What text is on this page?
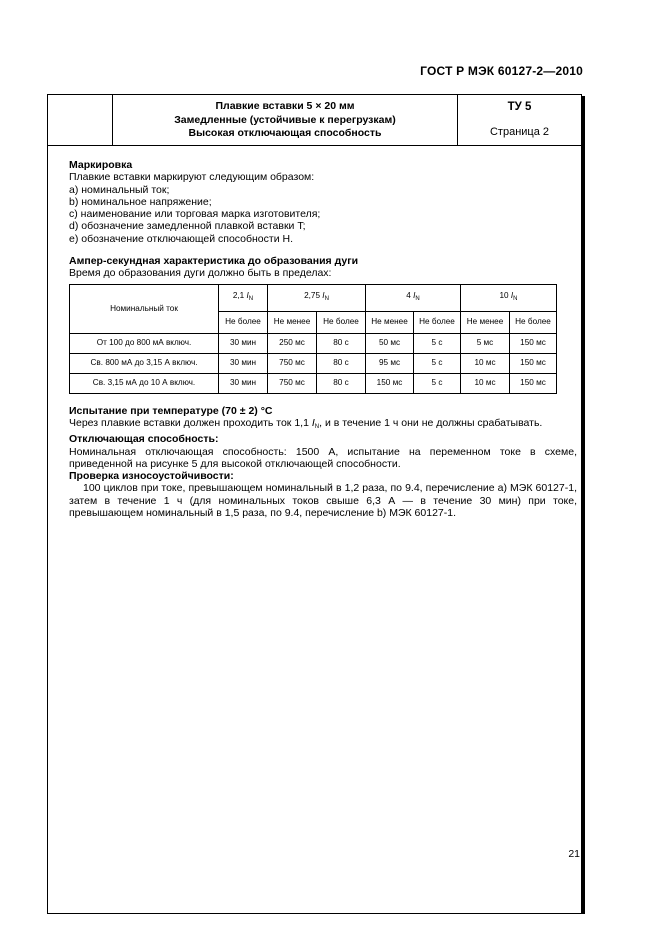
ГОСТ Р МЭК 60127-2—2010
Плавкие вставки 5 × 20 мм
Замедленные (устойчивые к перегрузкам)
Высокая отключающая способность
ТУ 5
Страница 2
Маркировка
Плавкие вставки маркируют следующим образом:
a) номинальный ток;
b) номинальное напряжение;
c) наименование или торговая марка изготовителя;
d) обозначение замедленной плавкой вставки T;
e) обозначение отключающей способности H.
Ампер-секундная характеристика до образования дуги
Время до образования дуги должно быть в пределах:
Номинальный ток	2,1 $I_N$	2,75 $I_N$		4 $I_N$		10 $I_N$
	Не более	Не менее	Не более	Не менее	Не более	Не менее	Не более
От 100 до 800 мА включ.	30 мин	250 мс	80 с	50 мс	5 с	5 мс	150 мс
Св. 800 мА до 3,15 А включ.	30 мин	750 мс	80 с	95 мс	5 с	10 мс	150 мс
Св. 3,15 мА до 10 А включ.	30 мин	750 мс	80 с	150 мс	5 с	10 мс	150 мс
Испытание при температуре (70 ± 2) °C
Через плавкие вставки должен проходить ток 1,1 $I_N$, и в течение 1 ч они не должны срабатывать.
Отключающая способность:
Номинальная отключающая способность: 1500 А, испытание на переменном токе в схеме, приведенной на рисунке 5 для высокой отключающей способности.
Проверка износоустойчивости:
100 циклов при токе, превышающем номинальный в 1,2 раза, по 9.4, перечисление a) МЭК 60127-1, затем в течение 1 ч (для номинальных токов свыше 6,3 А — в течение 30 мин) при токе, превышающем номинальный в 1,5 раза, по 9.4, перечисление b) МЭК 60127-1.
21
